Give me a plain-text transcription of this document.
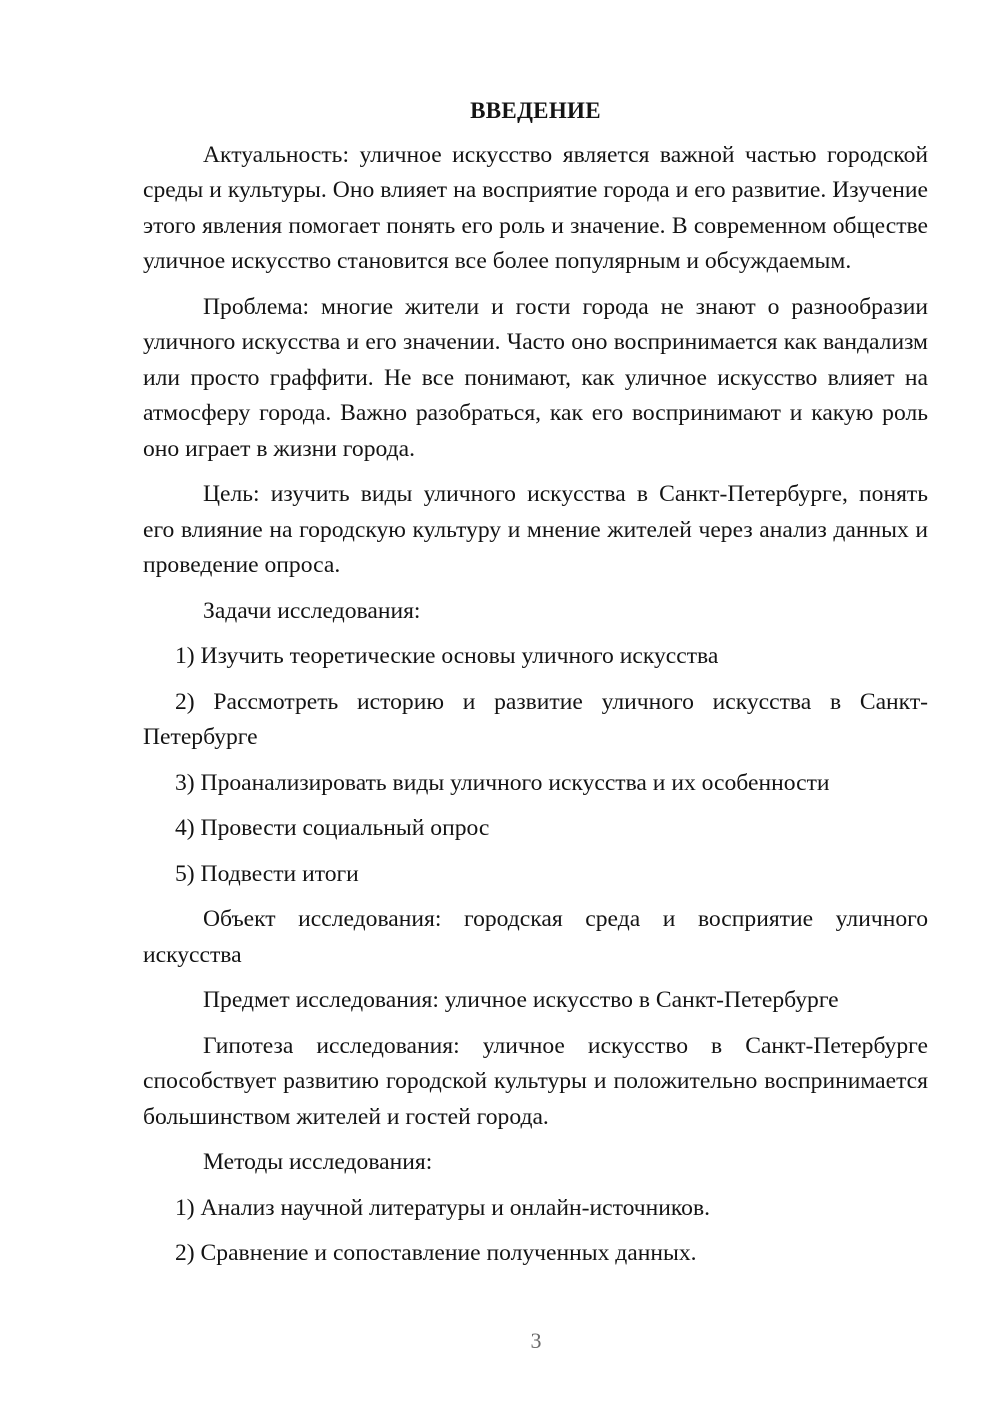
ВВЕДЕНИЕ

Актуальность: уличное искусство является важной частью городской среды и культуры. Оно влияет на восприятие города и его развитие. Изучение этого явления помогает понять его роль и значение. В современном обществе уличное искусство становится все более популярным и обсуждаемым.

Проблема: многие жители и гости города не знают о разнообразии уличного искусства и его значении. Часто оно воспринимается как вандализм или просто граффити. Не все понимают, как уличное искусство влияет на атмосферу города. Важно разобраться, как его воспринимают и какую роль оно играет в жизни города.

Цель: изучить виды уличного искусства в Санкт-Петербурге, понять его влияние на городскую культуру и мнение жителей через анализ данных и проведение опроса.

Задачи исследования:

1) Изучить теоретические основы уличного искусства

2) Рассмотреть историю и развитие уличного искусства в Санкт-Петербурге

3) Проанализировать виды уличного искусства и их особенности

4) Провести социальный опрос

5) Подвести итоги

Объект исследования: городская среда и восприятие уличного искусства

Предмет исследования: уличное искусство в Санкт-Петербурге

Гипотеза исследования: уличное искусство в Санкт-Петербурге способствует развитию городской культуры и положительно воспринимается большинством жителей и гостей города.

Методы исследования:

1) Анализ научной литературы и онлайн-источников.

2) Сравнение и сопоставление полученных данных.

3
